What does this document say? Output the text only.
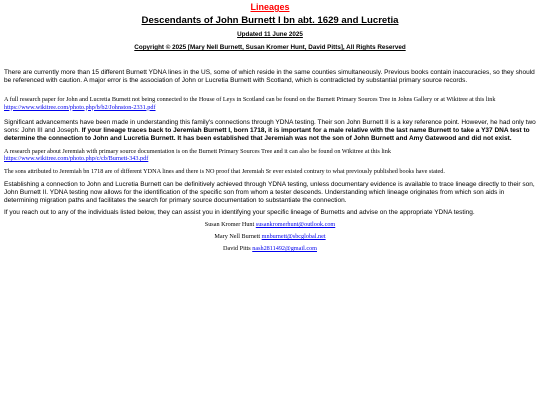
Lineages
Descendants of John Burnett I bn abt. 1629 and Lucretia
Updated 11 June 2025
Copyright © 2025 [Mary Nell Burnett, Susan Kromer Hunt, David Pitts], All Rights Reserved

There are currently more than 15 different Burnett YDNA lines in the US, some of which reside in the same counties simultaneously. Previous books contain inaccuracies, so they should be referenced with caution. A major error is the association of John or Lucretia Burnett with Scotland, which is contradicted by substantial primary source records.

A full research paper for John and Lucretia Burnett not being connected to the House of Leys in Scotland can be found on the Burnett Primary Sources Tree in Johns Gallery or at Wikitree at this link
https://www.wikitree.com/photo.php/b/b2/Johnston-2331.pdf

Significant advancements have been made in understanding this family's connections through YDNA testing. Their son John Burnett II is a key reference point. However, he had only two sons: John III and Joseph. If your lineage traces back to Jeremiah Burnett I, born 1718, it is important for a male relative with the last name Burnett to take a Y37 DNA test to determine the connection to John and Lucretia Burnett. It has been established that Jeremiah was not the son of John Burnett and Amy Gatewood and did not exist.

A research paper about Jeremiah with primary source documentation is on the Burnett Primary Sources Tree and it can also be found on Wikitree at this link
https://www.wikitree.com/photo.php/c/cb/Burnett-343.pdf

The sons attributed to Jeremiah bn 1718 are of different YDNA lines and there is NO proof that Jeremiah Sr ever existed contrary to what previously published books have stated.

Establishing a connection to John and Lucretia Burnett can be definitively achieved through YDNA testing, unless documentary evidence is available to trace lineage directly to their son, John Burnett II. YDNA testing now allows for the identification of the specific son from whom a tester descends. Understanding which lineage originates from which son aids in determining migration paths and facilitates the search for primary source documentation to substantiate the connection.

If you reach out to any of the individuals listed below, they can assist you in identifying your specific lineage of Burnetts and advise on the appropriate YDNA testing.

Susan Kromer Hunt susankromerhunt@outlook.com

Mary Nell Burnett mnburnett@sbcglobal.net

David Pitts nash2811492@gmail.com
